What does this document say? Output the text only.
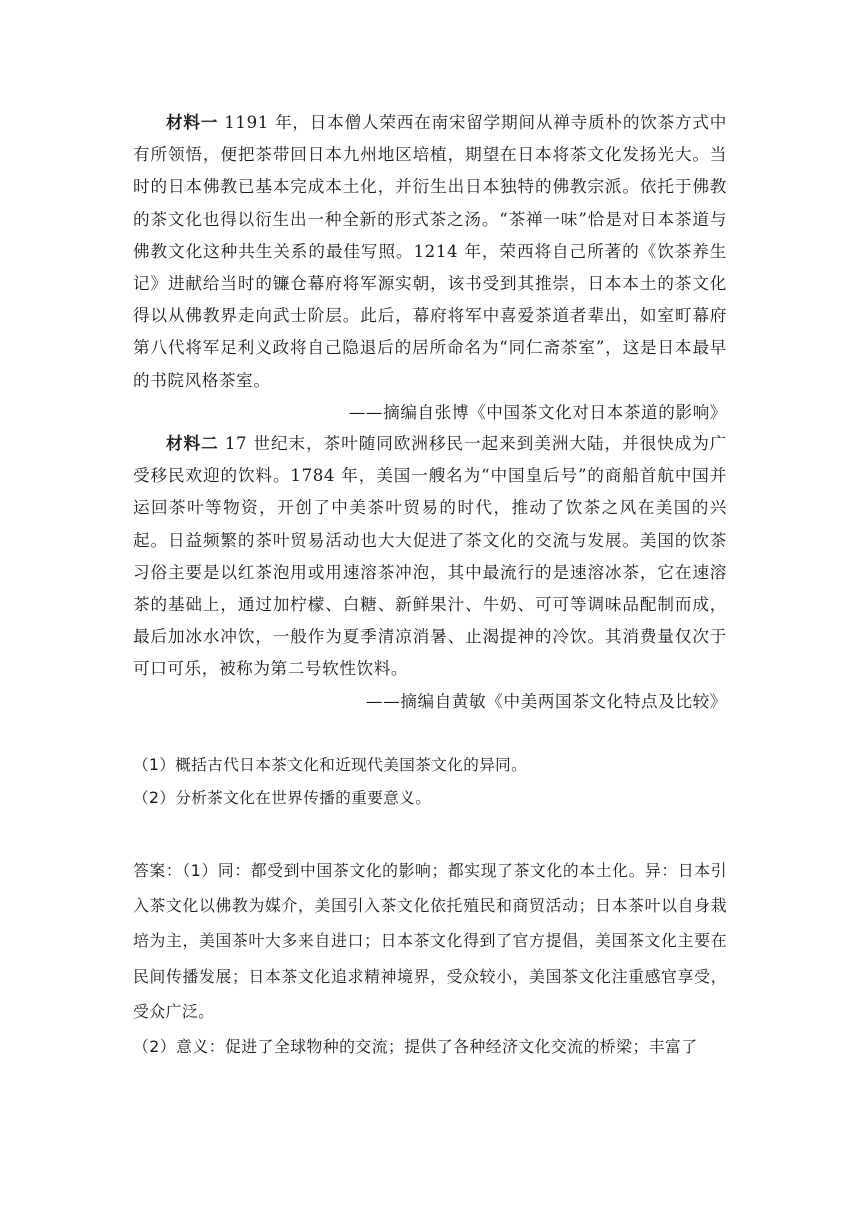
材料一 1191 年，日本僧人荣西在南宋留学期间从禅寺质朴的饮茶方式中有所领悟，便把茶带回日本九州地区培植，期望在日本将茶文化发扬光大。当时的日本佛教已基本完成本土化，并衍生出日本独特的佛教宗派。依托于佛教的茶文化也得以衍生出一种全新的形式茶之汤。“茶禅一味”恰是对日本茶道与佛教文化这种共生关系的最佳写照。1214 年，荣西将自己所著的《饮茶养生记》进献给当时的镰仓幕府将军源实朝，该书受到其推崇，日本本土的茶文化得以从佛教界走向武士阶层。此后，幕府将军中喜爱茶道者辈出，如室町幕府第八代将军足利义政将自己隐退后的居所命名为“同仁斋茶室”，这是日本最早的书院风格茶室。

——摘编自张博《中国茶文化对日本茶道的影响》

材料二 17 世纪末，茶叶随同欧洲移民一起来到美洲大陆，并很快成为广受移民欢迎的饮料。1784 年，美国一艘名为“中国皇后号”的商船首航中国并运回茶叶等物资，开创了中美茶叶贸易的时代，推动了饮茶之风在美国的兴起。日益频繁的茶叶贸易活动也大大促进了茶文化的交流与发展。美国的饮茶习俗主要是以红茶泡用或用速溶茶冲泡，其中最流行的是速溶冰茶，它在速溶茶的基础上，通过加柠檬、白糖、新鲜果汁、牛奶、可可等调味品配制而成，最后加冰水冲饮，一般作为夏季清凉消暑、止渴提神的冷饮。其消费量仅次于可口可乐，被称为第二号软性饮料。

——摘编自黄敏《中美两国茶文化特点及比较》

（1）概括古代日本茶文化和近现代美国茶文化的异同。

（2）分析茶文化在世界传播的重要意义。

答案：（1）同：都受到中国茶文化的影响；都实现了茶文化的本土化。异：日本引入茶文化以佛教为媒介，美国引入茶文化依托殖民和商贸活动；日本茶叶以自身栽培为主，美国茶叶大多来自进口；日本茶文化得到了官方提倡，美国茶文化主要在民间传播发展；日本茶文化追求精神境界，受众较小，美国茶文化注重感官享受，受众广泛。

（2）意义：促进了全球物种的交流；提供了各种经济文化交流的桥梁；丰富了
